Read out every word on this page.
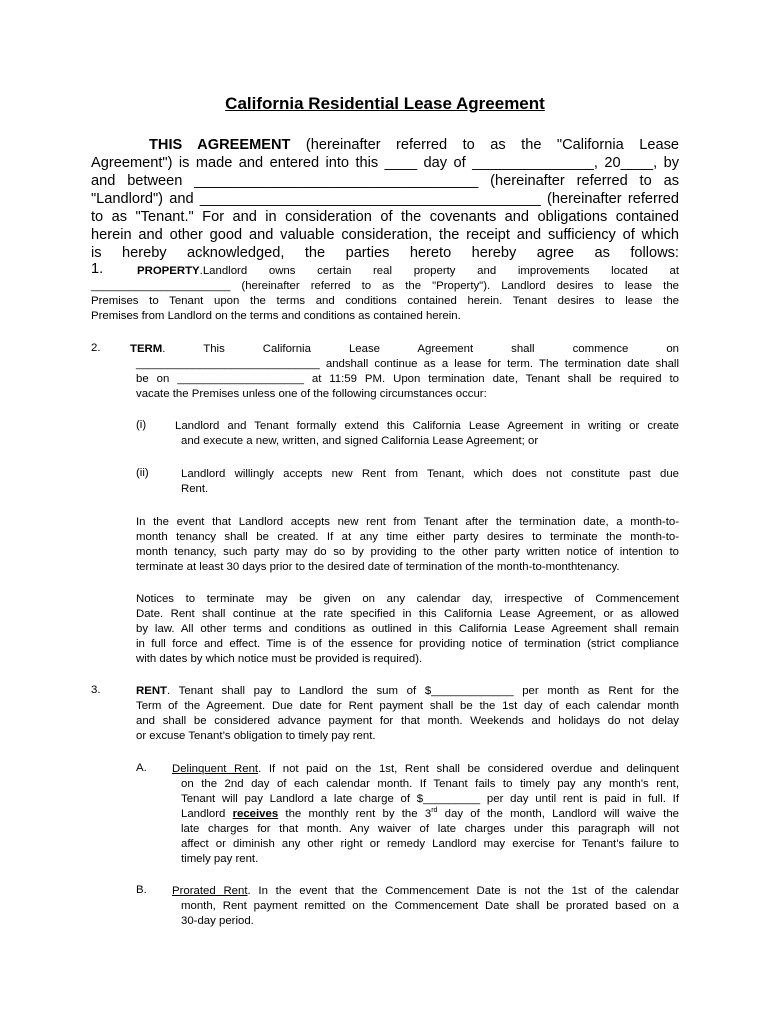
California Residential Lease Agreement
THIS AGREEMENT (hereinafter referred to as the "California Lease
Agreement") is made and entered into this ____ day of _______________, 20____, by
and between ___________________________________ (hereinafter referred to as
"Landlord") and __________________________________________ (hereinafter referred
to as "Tenant." For and in consideration of the covenants and obligations contained
herein and other good and valuable consideration, the receipt and sufficiency of which
is hereby acknowledged, the parties hereto hereby agree as follows:
1.	PROPERTY.Landlord owns certain real property and improvements located at
______________________ (hereinafter referred to as the "Property"). Landlord desires to lease the
Premises to Tenant upon the terms and conditions contained herein. Tenant desires to lease the
Premises from Landlord on the terms and conditions as contained herein.
2.	TERM. This California Lease Agreement shall commence on
_____________________________ andshall continue as a lease for term. The termination date shall
be on ____________________ at 11:59 PM. Upon termination date, Tenant shall be required to
vacate the Premises unless one of the following circumstances occur:
(i)	Landlord and Tenant formally extend this California Lease Agreement in writing or create
and execute a new, written, and signed California Lease Agreement; or
(ii)	Landlord willingly accepts new Rent from Tenant, which does not constitute past due
Rent.
In the event that Landlord accepts new rent from Tenant after the termination date, a month-to-
month tenancy shall be created. If at any time either party desires to terminate the month-to-
month tenancy, such party may do so by providing to the other party written notice of intention to
terminate at least 30 days prior to the desired date of termination of the month-to-monthtenancy.
Notices to terminate may be given on any calendar day, irrespective of Commencement
Date. Rent shall continue at the rate specified in this California Lease Agreement, or as allowed
by law. All other terms and conditions as outlined in this California Lease Agreement shall remain
in full force and effect. Time is of the essence for providing notice of termination (strict compliance
with dates by which notice must be provided is required).
3.	RENT. Tenant shall pay to Landlord the sum of $_____________ per month as Rent for the
Term of the Agreement. Due date for Rent payment shall be the 1st day of each calendar month
and shall be considered advance payment for that month. Weekends and holidays do not delay
or excuse Tenant’s obligation to timely pay rent.
A. Delinquent Rent. If not paid on the 1st, Rent shall be considered overdue and delinquent
on the 2nd day of each calendar month. If Tenant fails to timely pay any month’s rent,
Tenant will pay Landlord a late charge of $_________ per day until rent is paid in full. If
Landlord receives the monthly rent by the 3rd day of the month, Landlord will waive the
late charges for that month. Any waiver of late charges under this paragraph will not
affect or diminish any other right or remedy Landlord may exercise for Tenant’s failure to
timely pay rent.
B. Prorated Rent. In the event that the Commencement Date is not the 1st of the calendar
month, Rent payment remitted on the Commencement Date shall be prorated based on a
30-day period.
